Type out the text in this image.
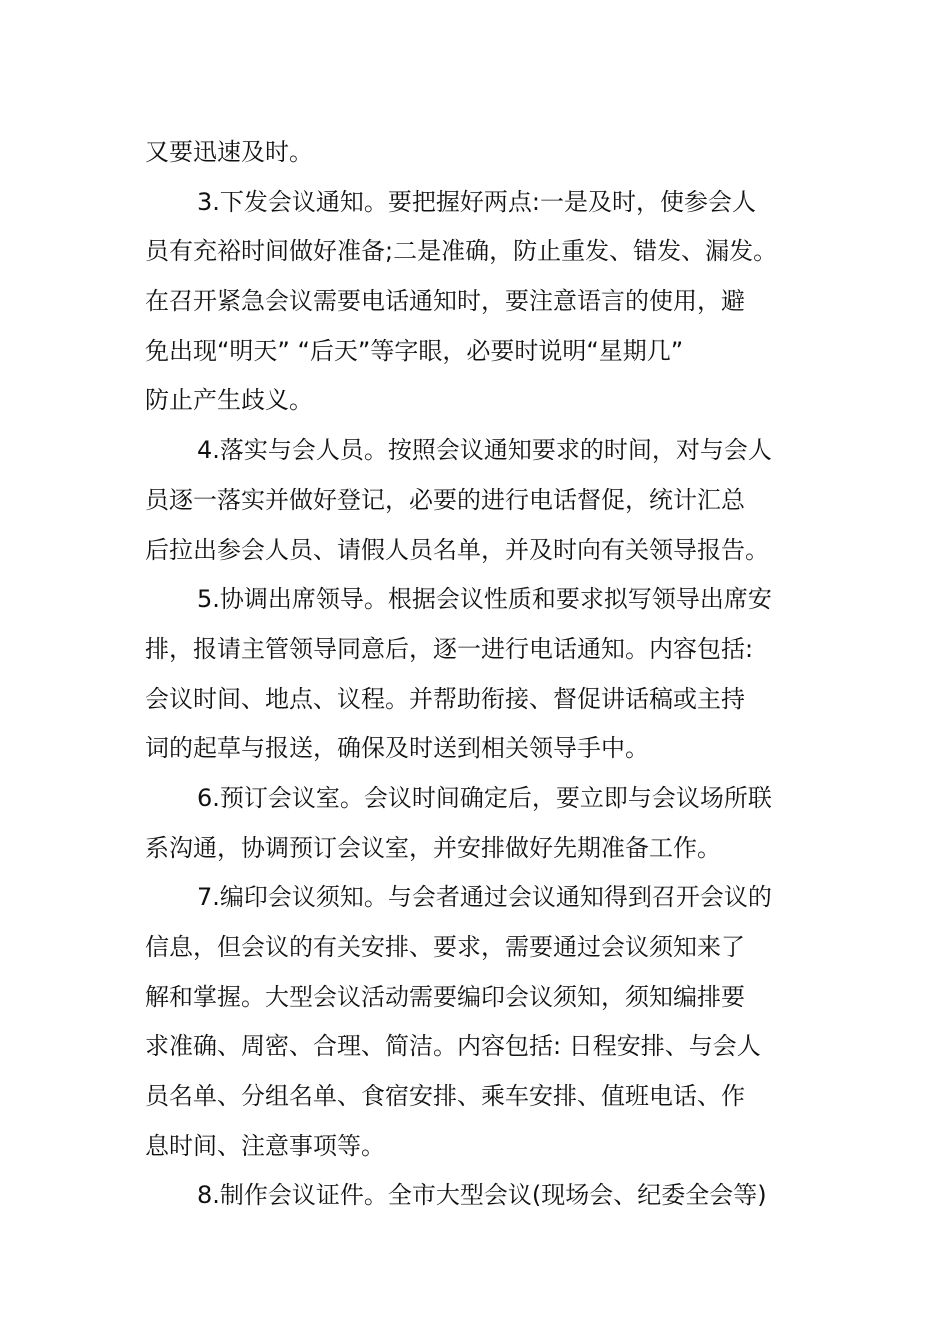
又要迅速及时。
3.下发会议通知。要把握好两点:一是及时，使参会人
员有充裕时间做好准备;二是准确，防止重发、错发、漏发。
在召开紧急会议需要电话通知时，要注意语言的使用，避
免出现“明天” “后天”等字眼，必要时说明“星期几”
防止产生歧义。
4.落实与会人员。按照会议通知要求的时间，对与会人
员逐一落实并做好登记，必要的进行电话督促，统计汇总
后拉出参会人员、请假人员名单，并及时向有关领导报告。
5.协调出席领导。根据会议性质和要求拟写领导出席安
排，报请主管领导同意后，逐一进行电话通知。内容包括:
会议时间、地点、议程。并帮助衔接、督促讲话稿或主持
词的起草与报送，确保及时送到相关领导手中。
6.预订会议室。会议时间确定后，要立即与会议场所联
系沟通，协调预订会议室，并安排做好先期准备工作。
7.编印会议须知。与会者通过会议通知得到召开会议的
信息，但会议的有关安排、要求，需要通过会议须知来了
解和掌握。大型会议活动需要编印会议须知，须知编排要
求准确、周密、合理、简洁。内容包括: 日程安排、与会人
员名单、分组名单、食宿安排、乘车安排、值班电话、作
息时间、注意事项等。
8.制作会议证件。全市大型会议(现场会、纪委全会等)
